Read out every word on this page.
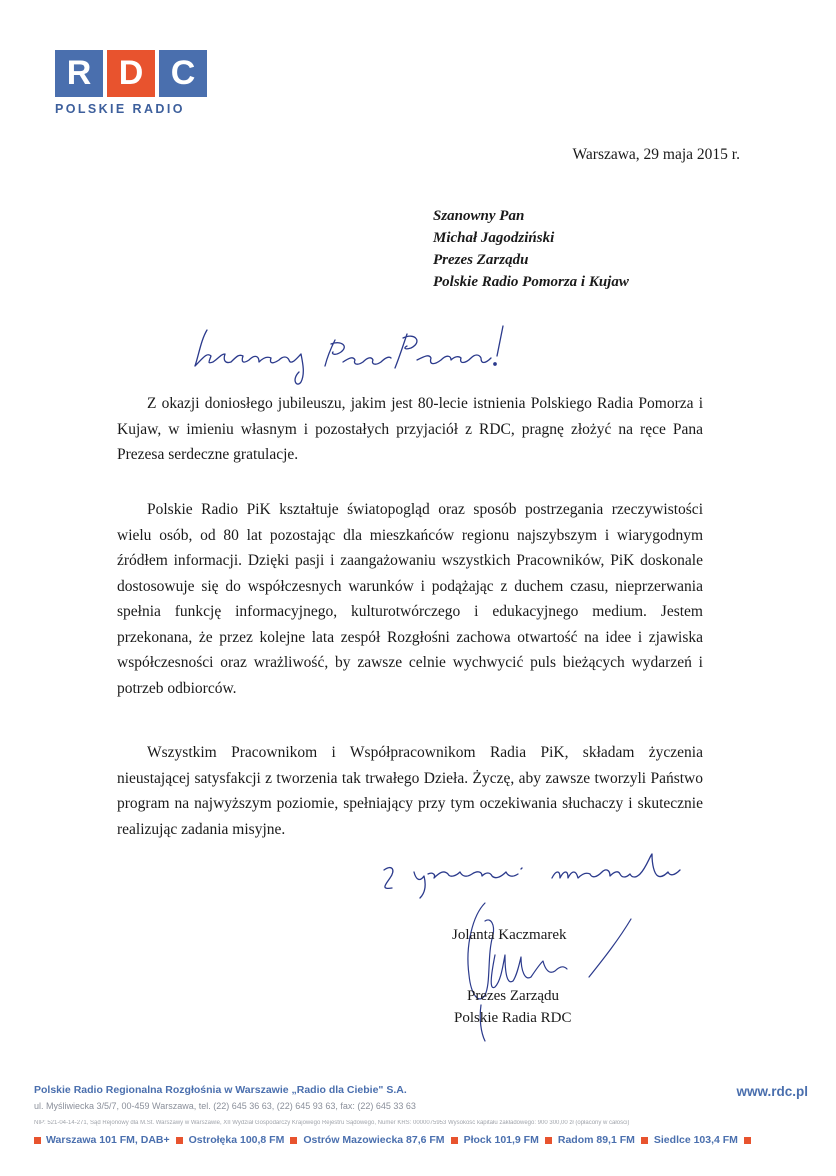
R D C
POLSKIE RADIO
Warszawa, 29 maja 2015 r.
Szanowny Pan
Michał Jagodziński
Prezes Zarządu
Polskie Radio Pomorza i Kujaw

Z okazji doniosłego jubileuszu, jakim jest 80-lecie istnienia Polskiego Radia Pomorza i Kujaw, w imieniu własnym i pozostałych przyjaciół z RDC, pragnę złożyć na ręce Pana Prezesa serdeczne gratulacje.

Polskie Radio PiK kształtuje światopogląd oraz sposób postrzegania rzeczywistości wielu osób, od 80 lat pozostając dla mieszkańców regionu najszybszym i wiarygodnym źródłem informacji. Dzięki pasji i zaangażowaniu wszystkich Pracowników, PiK doskonale dostosowuje się do współczesnych warunków i podążając z duchem czasu, nieprzerwania spełnia funkcję informacyjnego, kulturotwórczego i edukacyjnego medium. Jestem przekonana, że przez kolejne lata zespół Rozgłośni zachowa otwartość na idee i zjawiska współczesności oraz wrażliwość, by zawsze celnie wychwycić puls bieżących wydarzeń i potrzeb odbiorców.

Wszystkim Pracownikom i Współpracownikom Radia PiK, składam życzenia nieustającej satysfakcji z tworzenia tak trwałego Dzieła. Życzę, aby zawsze tworzyli Państwo program na najwyższym poziomie, spełniający przy tym oczekiwania słuchaczy i skutecznie realizując zadania misyjne.

Jolanta Kaczmarek
Prezes Zarządu
Polskie Radia RDC
Polskie Radio Regionalna Rozgłośnia w Warszawie „Radio dla Ciebie" S.A.	www.rdc.pl
ul. Myśliwiecka 3/5/7, 00-459 Warszawa, tel. (22) 645 36 63, (22) 645 93 63, fax: (22) 645 33 63
NIP: 521-04-14-271, Sąd Rejonowy dla M.St. Warszawy w Warszawie, XII Wydział Gospodarczy Krajowego Rejestru Sądowego, Numer KRS: 0000075953 Wysokość kapitału zakładowego: 900 300,00 zł (opłacony w całości)
Warszawa 101 FM, DAB+ Ostrołęka 100,8 FM Ostrów Mazowiecka 87,6 FM Płock 101,9 FM Radom 89,1 FM Siedlce 103,4 FM
